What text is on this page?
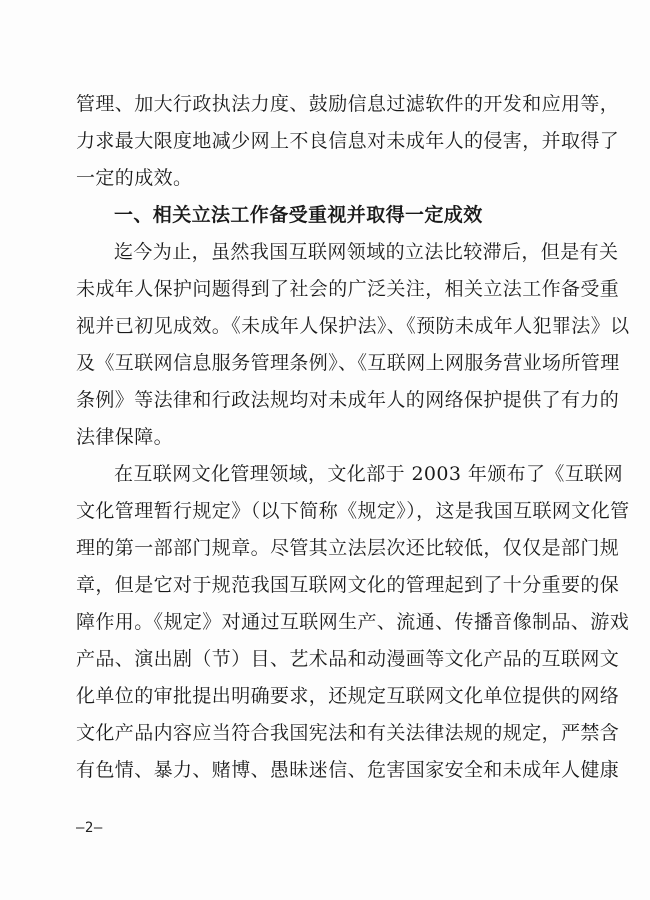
管理、加大行政执法力度、鼓励信息过滤软件的开发和应用等，
力求最大限度地减少网上不良信息对未成年人的侵害，并取得了
一定的成效。
一、相关立法工作备受重视并取得一定成效
迄今为止，虽然我国互联网领域的立法比较滞后，但是有关
未成年人保护问题得到了社会的广泛关注，相关立法工作备受重
视并已初见成效。《未成年人保护法》、《预防未成年人犯罪法》以
及《互联网信息服务管理条例》、《互联网上网服务营业场所管理
条例》等法律和行政法规均对未成年人的网络保护提供了有力的
法律保障。
在互联网文化管理领域，文化部于 2003 年颁布了《互联网
文化管理暂行规定》（以下简称《规定》），这是我国互联网文化管
理的第一部部门规章。尽管其立法层次还比较低，仅仅是部门规
章，但是它对于规范我国互联网文化的管理起到了十分重要的保
障作用。《规定》对通过互联网生产、流通、传播音像制品、游戏
产品、演出剧（节）目、艺术品和动漫画等文化产品的互联网文
化单位的审批提出明确要求，还规定互联网文化单位提供的网络
文化产品内容应当符合我国宪法和有关法律法规的规定，严禁含
有色情、暴力、赌博、愚昧迷信、危害国家安全和未成年人健康
—2—
